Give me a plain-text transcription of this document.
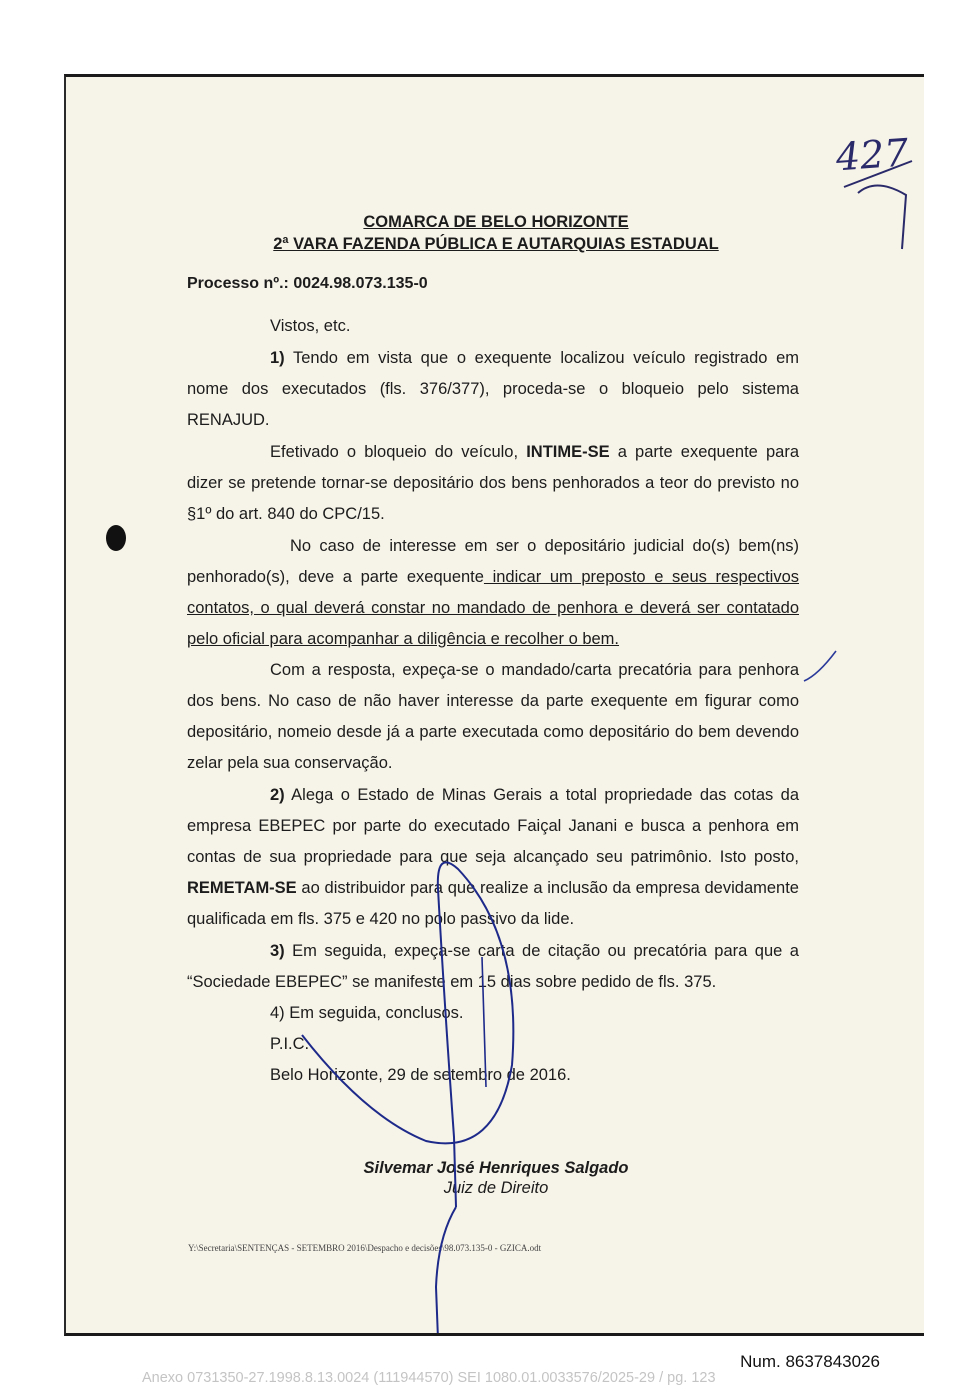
COMARCA DE BELO HORIZONTE
2ª VARA FAZENDA PÚBLICA E AUTARQUIAS ESTADUAL
Processo nº.: 0024.98.073.135-0
Vistos, etc.
1) Tendo em vista que o exequente localizou veículo registrado em nome dos executados (fls. 376/377), proceda-se o bloqueio pelo sistema RENAJUD.
Efetivado o bloqueio do veículo, INTIME-SE a parte exequente para dizer se pretende tornar-se depositário dos bens penhorados a teor do previsto no §1º do art. 840 do CPC/15.
No caso de interesse em ser o depositário judicial do(s) bem(ns) penhorado(s), deve a parte exequente indicar um preposto e seus respectivos contatos, o qual deverá constar no mandado de penhora e deverá ser contatado pelo oficial para acompanhar a diligência e recolher o bem.
Com a resposta, expeça-se o mandado/carta precatória para penhora dos bens. No caso de não haver interesse da parte exequente em figurar como depositário, nomeio desde já a parte executada como depositário do bem devendo zelar pela sua conservação.
2) Alega o Estado de Minas Gerais a total propriedade das cotas da empresa EBEPEC por parte do executado Faiçal Janani e busca a penhora em contas de sua propriedade para que seja alcançado seu patrimônio. Isto posto, REMETAM-SE ao distribuidor para que realize a inclusão da empresa devidamente qualificada em fls. 375 e 420 no polo passivo da lide.
3) Em seguida, expeça-se carta de citação ou precatória para que a “Sociedade EBEPEC” se manifeste em 15 dias sobre pedido de fls. 375.
4) Em seguida, conclusos.
P.I.C.
Belo Horizonte, 29 de setembro de 2016.
Silvemar José Henriques Salgado
Juiz de Direito
Y:\Secretaria\SENTENÇAS - SETEMBRO 2016\Despacho e decisões\98.073.135-0 - GZICA.odt
427
Num. 8637843026
Anexo 0731350-27.1998.8.13.0024 (111944570) SEI 1080.01.0033576/2025-29 / pg. 123
